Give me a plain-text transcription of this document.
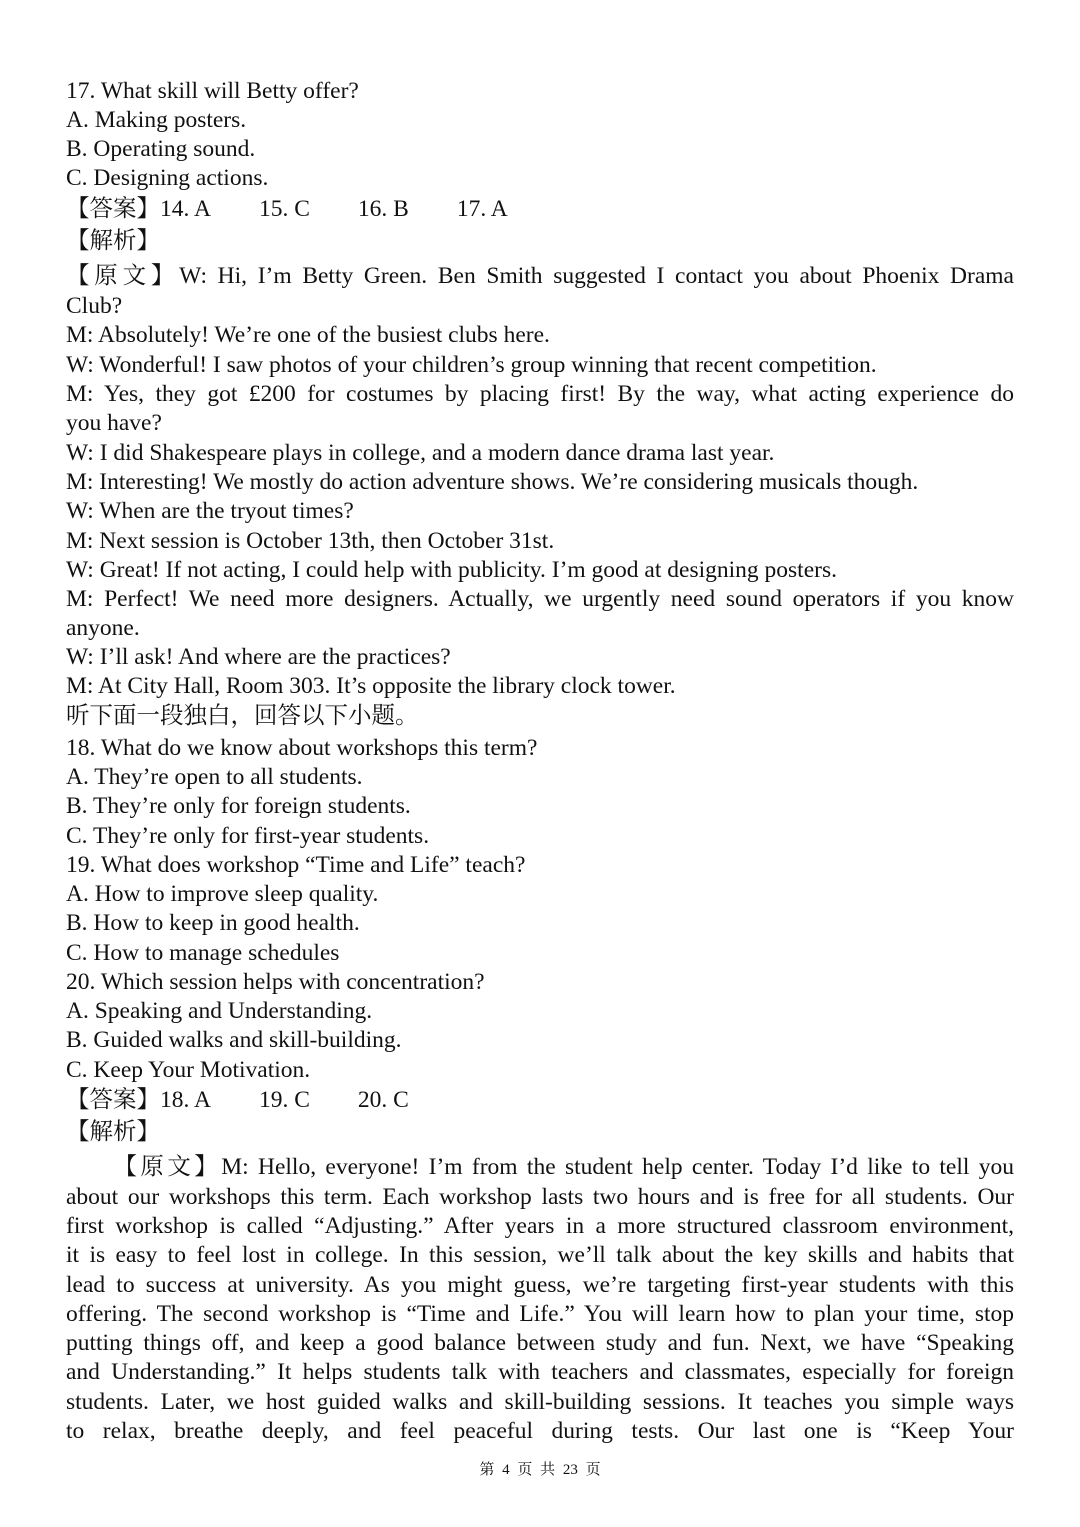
17. What skill will Betty offer?
A. Making posters.
B. Operating sound.
C. Designing actions.
【答案】14. A 15. C 16. B 17. A
【解析】
【原文】W: Hi, I’m Betty Green. Ben Smith suggested I contact you about Phoenix Drama
Club?
M: Absolutely! We’re one of the busiest clubs here.
W: Wonderful! I saw photos of your children’s group winning that recent competition.
M: Yes, they got £200 for costumes by placing first! By the way, what acting experience do
you have?
W: I did Shakespeare plays in college, and a modern dance drama last year.
M: Interesting! We mostly do action adventure shows. We’re considering musicals though.
W: When are the tryout times?
M: Next session is October 13th, then October 31st.
W: Great! If not acting, I could help with publicity. I’m good at designing posters.
M: Perfect! We need more designers. Actually, we urgently need sound operators if you know
anyone.
W: I’ll ask! And where are the practices?
M: At City Hall, Room 303. It’s opposite the library clock tower.
听下面一段独白，回答以下小题。
18. What do we know about workshops this term?
A. They’re open to all students.
B. They’re only for foreign students.
C. They’re only for first-year students.
19. What does workshop “Time and Life” teach?
A. How to improve sleep quality.
B. How to keep in good health.
C. How to manage schedules
20. Which session helps with concentration?
A. Speaking and Understanding.
B. Guided walks and skill-building.
C. Keep Your Motivation.
【答案】18. A 19. C 20. C
【解析】
【原文】M: Hello, everyone! I’m from the student help center. Today I’d like to tell you
about our workshops this term. Each workshop lasts two hours and is free for all students. Our
first workshop is called “Adjusting.” After years in a more structured classroom environment,
it is easy to feel lost in college. In this session, we’ll talk about the key skills and habits that
lead to success at university. As you might guess, we’re targeting first-year students with this
offering. The second workshop is “Time and Life.” You will learn how to plan your time, stop
putting things off, and keep a good balance between study and fun. Next, we have “Speaking
and Understanding.” It helps students talk with teachers and classmates, especially for foreign
students. Later, we host guided walks and skill-building sessions. It teaches you simple ways
to relax, breathe deeply, and feel peaceful during tests. Our last one is “Keep Your
第 4 页 共 23 页
